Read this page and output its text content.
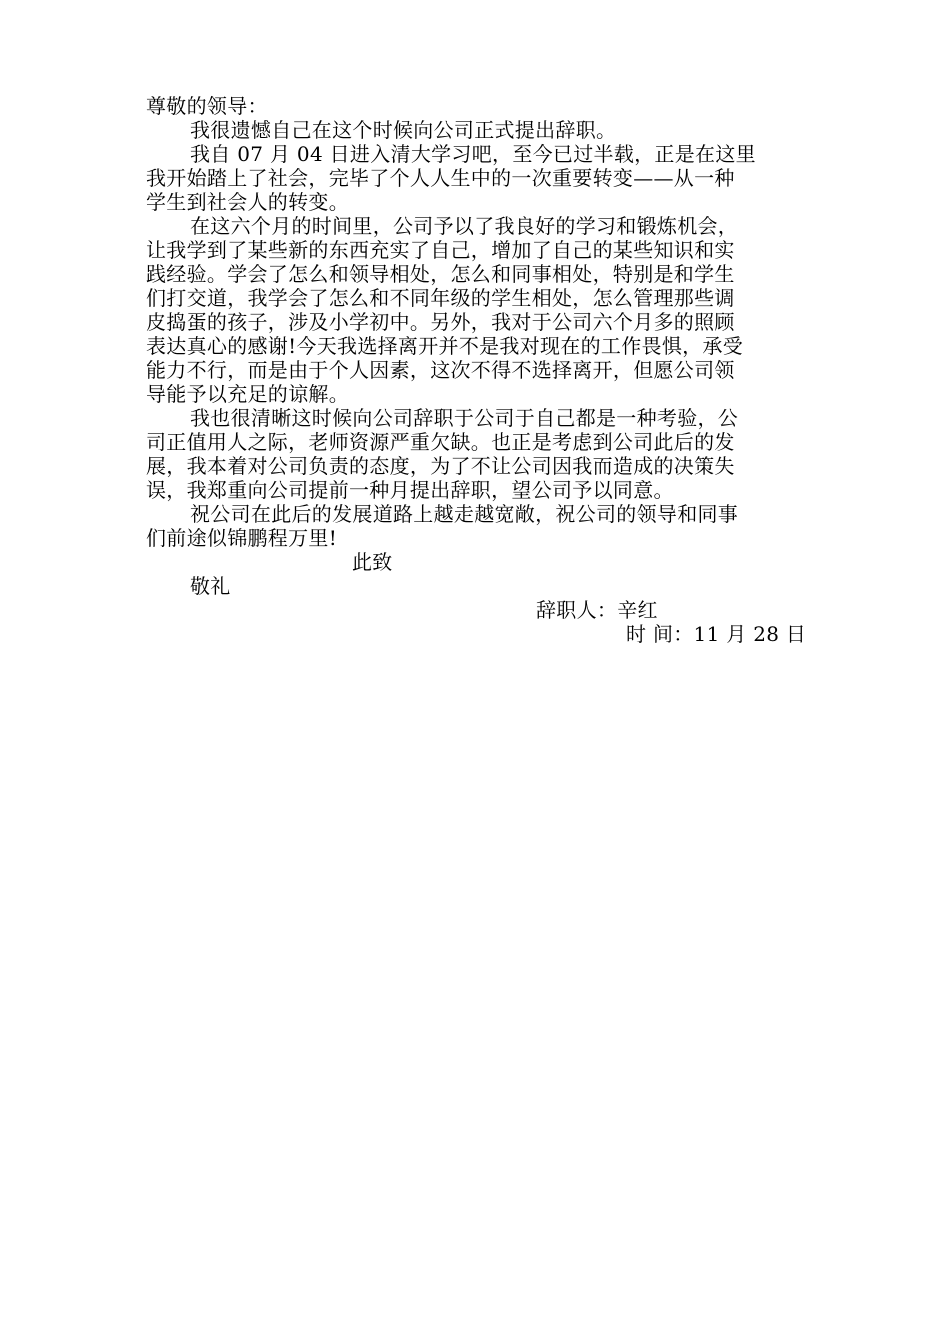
尊敬的领导：
我很遗憾自己在这个时候向公司正式提出辞职。
我自 07 月 04 日进入清大学习吧，至今已过半载，正是在这里
我开始踏上了社会，完毕了个人人生中的一次重要转变——从一种
学生到社会人的转变。
在这六个月的时间里，公司予以了我良好的学习和锻炼机会，
让我学到了某些新的东西充实了自己，增加了自己的某些知识和实
践经验。学会了怎么和领导相处，怎么和同事相处，特别是和学生
们打交道，我学会了怎么和不同年级的学生相处，怎么管理那些调
皮捣蛋的孩子，涉及小学初中。另外，我对于公司六个月多的照顾
表达真心的感谢!今天我选择离开并不是我对现在的工作畏惧，承受
能力不行，而是由于个人因素，这次不得不选择离开，但愿公司领
导能予以充足的谅解。
我也很清晰这时候向公司辞职于公司于自己都是一种考验，公
司正值用人之际，老师资源严重欠缺。也正是考虑到公司此后的发
展，我本着对公司负责的态度，为了不让公司因我而造成的决策失
误，我郑重向公司提前一种月提出辞职，望公司予以同意。
祝公司在此后的发展道路上越走越宽敞，祝公司的领导和同事
们前途似锦鹏程万里!
此致
敬礼
辞职人：辛红
时 间：11 月 28 日
